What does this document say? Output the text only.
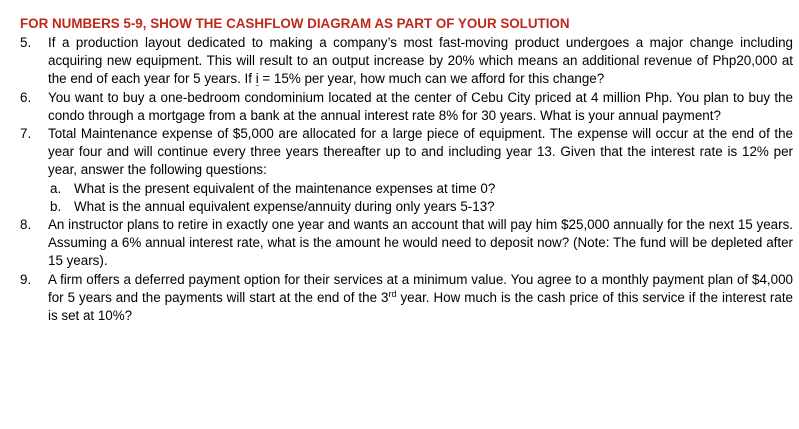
FOR NUMBERS 5-9, SHOW THE CASHFLOW DIAGRAM AS PART OF YOUR SOLUTION
5. If a production layout dedicated to making a company’s most fast-moving product undergoes a major change including acquiring new equipment. This will result to an output increase by 20% which means an additional revenue of Php20,000 at the end of each year for 5 years. If i = 15% per year, how much can we afford for this change?
6. You want to buy a one-bedroom condominium located at the center of Cebu City priced at 4 million Php. You plan to buy the condo through a mortgage from a bank at the annual interest rate 8% for 30 years. What is your annual payment?
7. Total Maintenance expense of $5,000 are allocated for a large piece of equipment. The expense will occur at the end of the year four and will continue every three years thereafter up to and including year 13. Given that the interest rate is 12% per year, answer the following questions:
a. What is the present equivalent of the maintenance expenses at time 0?
b. What is the annual equivalent expense/annuity during only years 5-13?
8. An instructor plans to retire in exactly one year and wants an account that will pay him $25,000 annually for the next 15 years. Assuming a 6% annual interest rate, what is the amount he would need to deposit now? (Note: The fund will be depleted after 15 years).
9. A firm offers a deferred payment option for their services at a minimum value. You agree to a monthly payment plan of $4,000 for 5 years and the payments will start at the end of the 3rd year. How much is the cash price of this service if the interest rate is set at 10%?
